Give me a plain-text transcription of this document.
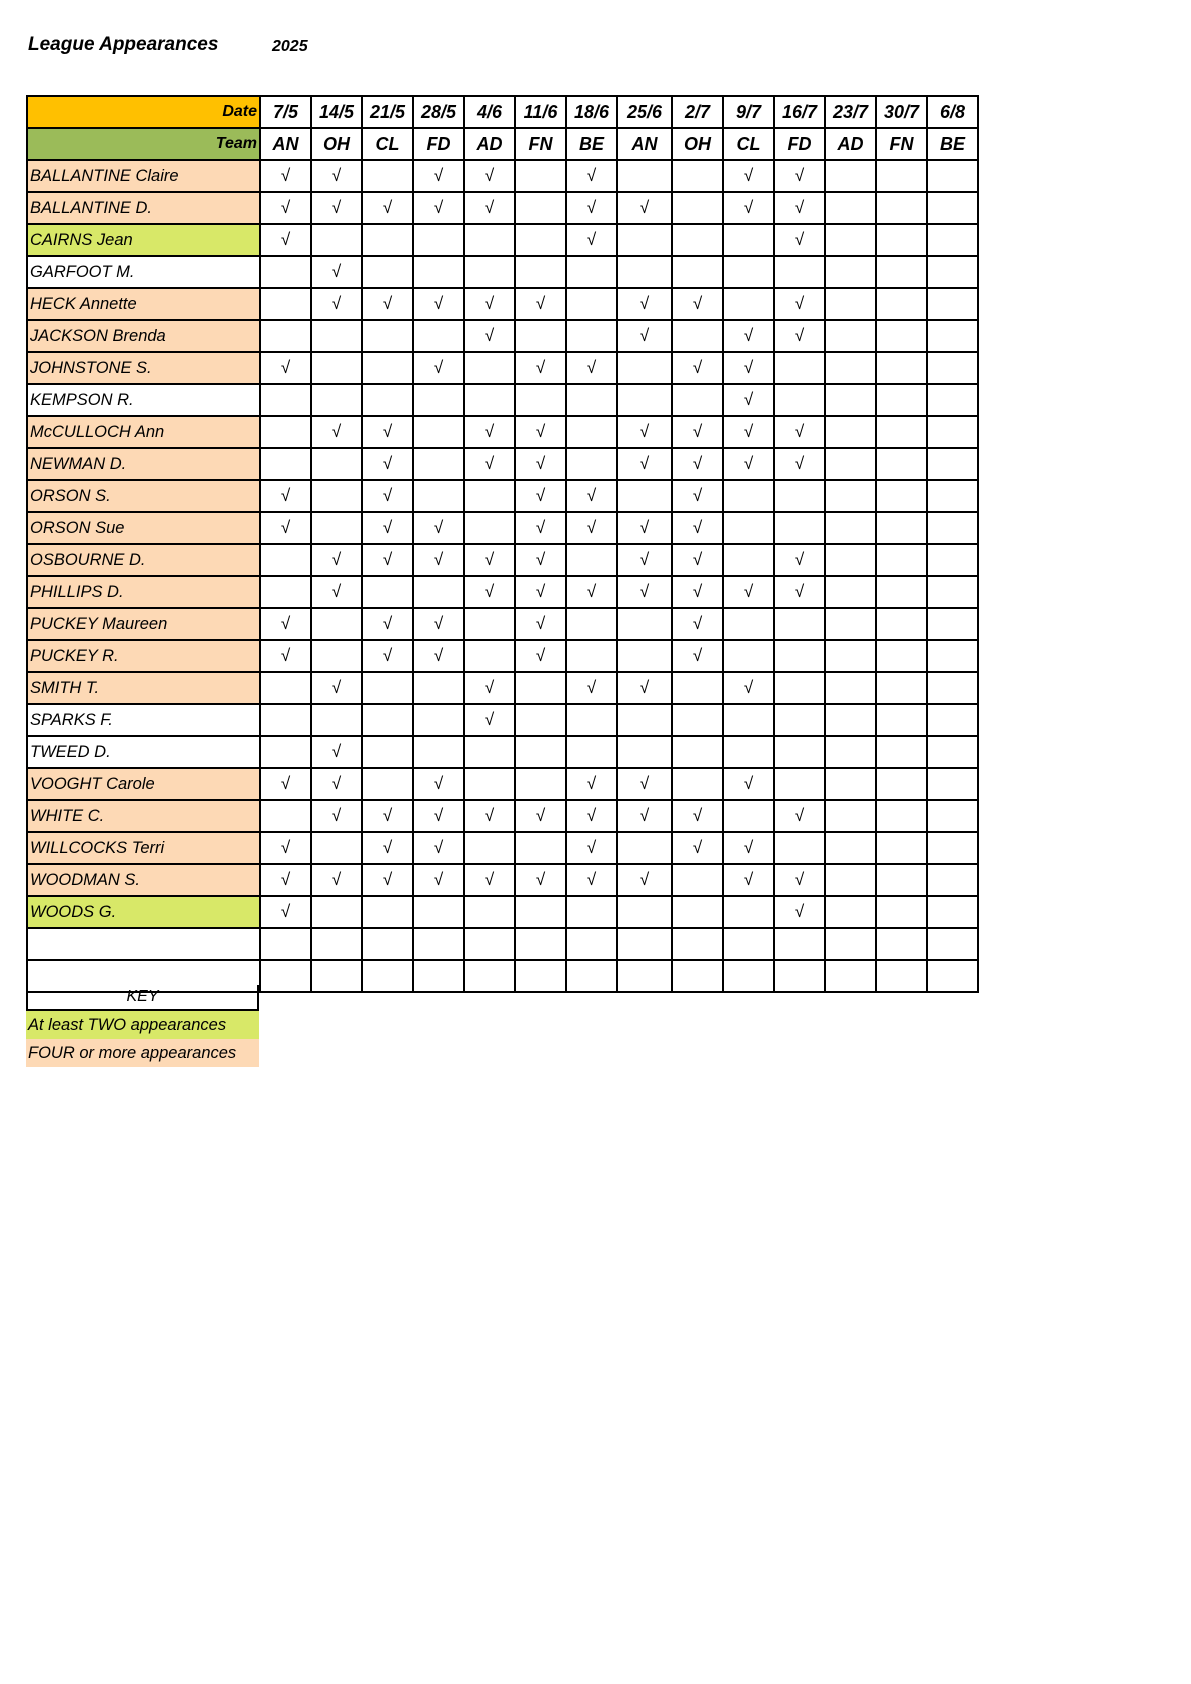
League Appearances	2025
Date	7/5	14/5	21/5	28/5	4/6	11/6	18/6	25/6	2/7	9/7	16/7	23/7	30/7	6/8
Team	AN	OH	CL	FD	AD	FN	BE	AN	OH	CL	FD	AD	FN	BE
BALLANTINE Claire	√	√		√	√		√			√	√			
BALLANTINE D.	√	√	√	√	√		√	√		√	√			
CAIRNS Jean	√						√				√			
GARFOOT M.		√												
HECK Annette		√	√	√	√	√		√	√		√			
JACKSON Brenda					√			√		√	√			
JOHNSTONE S.	√			√		√	√		√	√				
KEMPSON R.										√				
McCULLOCH Ann		√	√		√	√		√	√	√	√			
NEWMAN D.			√		√	√		√	√	√	√			
ORSON S.	√		√			√	√		√					
ORSON Sue	√		√	√		√	√	√	√					
OSBOURNE D.		√	√	√	√	√		√	√		√			
PHILLIPS D.		√			√	√	√	√	√	√	√			
PUCKEY Maureen	√		√	√		√			√					
PUCKEY R.	√		√	√		√			√					
SMITH T.		√			√		√	√		√				
SPARKS F.					√									
TWEED D.		√												
VOOGHT Carole	√	√		√			√	√		√				
WHITE C.		√	√	√	√	√	√	√	√		√			
WILLCOCKS Terri	√		√	√			√		√	√				
WOODMAN S.	√	√	√	√	√	√	√	√		√	√			
WOODS G.	√										√			

KEY
At least TWO appearances
FOUR or more appearances
